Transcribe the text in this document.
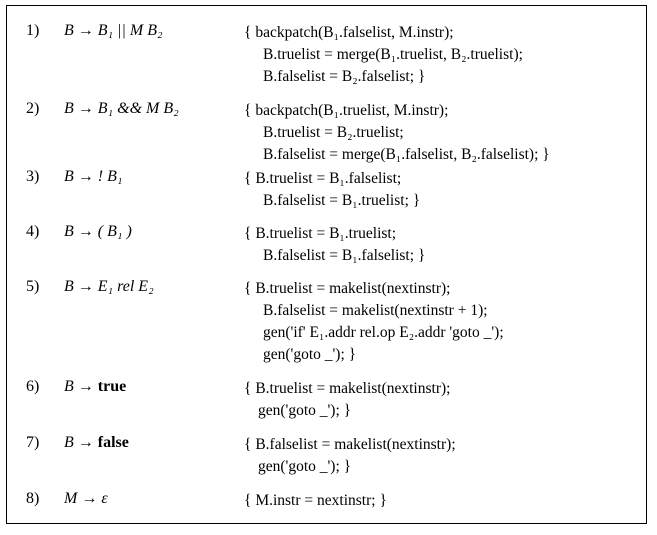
1) B → B₁ || M B₂	{ backpatch(B₁.falselist, M.instr);
B.truelist = merge(B₁.truelist, B₂.truelist);
B.falselist = B₂.falselist; }
2) B → B₁ && M B₂	{ backpatch(B₁.truelist, M.instr);
B.truelist = B₂.truelist;
B.falselist = merge(B₁.falselist, B₂.falselist); }
3) B → ! B₁	{ B.truelist = B₁.falselist;
B.falselist = B₁.truelist; }
4) B → ( B₁ )	{ B.truelist = B₁.truelist;
B.falselist = B₁.falselist; }
5) B → E₁ rel E₂	{ B.truelist = makelist(nextinstr);
B.falselist = makelist(nextinstr + 1);
gen('if' E₁.addr rel.op E₂.addr 'goto _');
gen('goto _'); }
6) B → true	{ B.truelist = makelist(nextinstr);
gen('goto _'); }
7) B → false	{ B.falselist = makelist(nextinstr);
gen('goto _'); }
8) M → ε	{ M.instr = nextinstr; }
